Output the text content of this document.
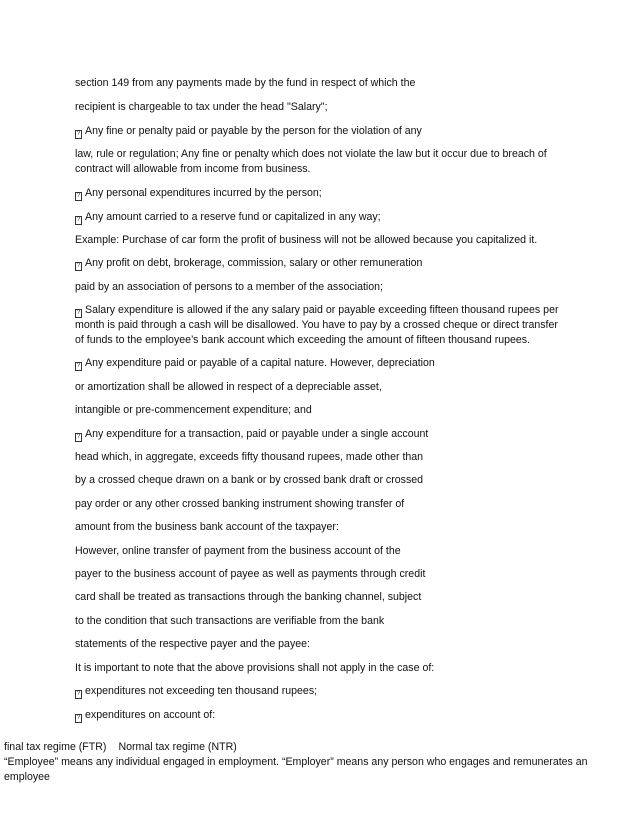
section 149 from any payments made by the fund in respect of which the
recipient is chargeable to tax under the head "Salary";
? Any fine or penalty paid or payable by the person for the violation of any
law, rule or regulation; Any fine or penalty which does not violate the law but it occur due to breach of contract will allowable from income from business.
? Any personal expenditures incurred by the person;
? Any amount carried to a reserve fund or capitalized in any way;
Example: Purchase of car form the profit of business will not be allowed because you capitalized it.
? Any profit on debt, brokerage, commission, salary or other remuneration
paid by an association of persons to a member of the association;
? Salary expenditure is allowed if the any salary paid or payable exceeding fifteen thousand rupees per month is paid through a cash will be disallowed. You have to pay by a crossed cheque or direct transfer of funds to the employee’s bank account which exceeding the amount of fifteen thousand rupees.
? Any expenditure paid or payable of a capital nature. However, depreciation
or amortization shall be allowed in respect of a depreciable asset,
intangible or pre-commencement expenditure; and
? Any expenditure for a transaction, paid or payable under a single account
head which, in aggregate, exceeds fifty thousand rupees, made other than
by a crossed cheque drawn on a bank or by crossed bank draft or crossed
pay order or any other crossed banking instrument showing transfer of
amount from the business bank account of the taxpayer:
However, online transfer of payment from the business account of the
payer to the business account of payee as well as payments through credit
card shall be treated as transactions through the banking channel, subject
to the condition that such transactions are verifiable from the bank
statements of the respective payer and the payee:
It is important to note that the above provisions shall not apply in the case of:
? expenditures not exceeding ten thousand rupees;
? expenditures on account of:
final tax regime (FTR) Normal tax regime (NTR)
“Employee” means any individual engaged in employment. “Employer” means any person who engages and remunerates an employee
